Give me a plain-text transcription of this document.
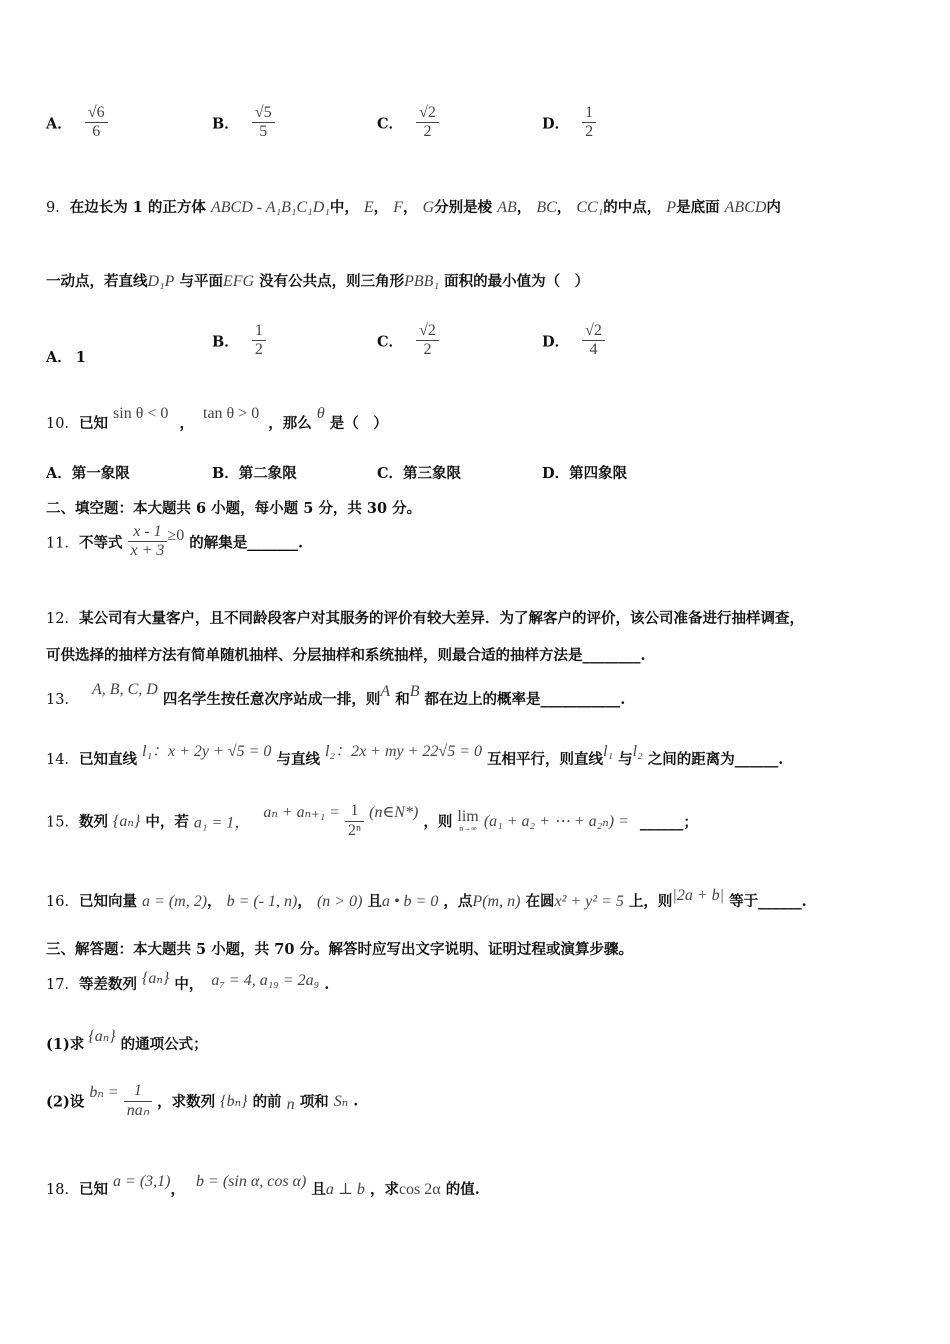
A． $\frac{√6}{6}$	B． $\frac{√5}{5}$	C． $\frac{√2}{2}$	D． $\frac{1}{2}$
9．在边长为 1 的正方体 ABCD - A₁B₁C₁D₁中， E， F， G分别是棱 AB， BC， CC₁的中点， P是底面 ABCD内
一动点，若直线D₁P 与平面EFG 没有公共点，则三角形PBB₁ 面积的最小值为（　）
A． 1
B． $\frac{1}{2}$	C． $\frac{√2}{2}$	D． $\frac{√2}{4}$
10．已知 sin θ < 0 ， tan θ > 0 ，那么 θ 是（　）
A．第一象限	B．第二象限	C．第三象限	D．第四象限
二、填空题：本大题共 6 小题，每小题 5 分，共 30 分。
11．不等式 $\frac{x - 1}{x + 3} \ge 0$ 的解集是_______.
12．某公司有大量客户，且不同龄段客户对其服务的评价有较大差异．为了解客户的评价，该公司准备进行抽样调查，
可供选择的抽样方法有简单随机抽样、分层抽样和系统抽样，则最合适的抽样方法是________.
13． A, B, C, D 四名学生按任意次序站成一排，则A 和B 都在边上的概率是___________.
14．已知直线 l₁：x + 2y + √5 = 0 与直线 l₂：2x + my + 22√5 = 0 互相平行，则直线l₁ 与l₂ 之间的距离为______.
15．数列 {aₙ} 中，若 a₁ = 1， $a_n + a_{n+1} = \frac{1}{\text{2ⁿ}}$ (n∈N*) ，则 lim
n→∞ (a₁ + a₂ + ⋯ + a₂ₙ) = ______；
16．已知向量 a = (m, 2)， b = (- 1, n)， (n > 0) 且a • b = 0 ，点P(m, n) 在圆x² + y² = 5 上，则|2a + b| 等于______.
三、解答题：本大题共 5 小题，共 70 分。解答时应写出文字说明、证明过程或演算步骤。
17．等差数列 {aₙ} 中， a₇ = 4, a₁₉ = 2a₉ .
(1)求 {aₙ} 的通项公式；
(2)设 $b_n = \frac{1}{\text{naₙ}}$ ，求数列 {bₙ} 的前 n 项和 Sₙ .
18．已知 a = (3,1)， b = (sin α, cos α) 且a ⊥ b ，求cos 2α 的值.
